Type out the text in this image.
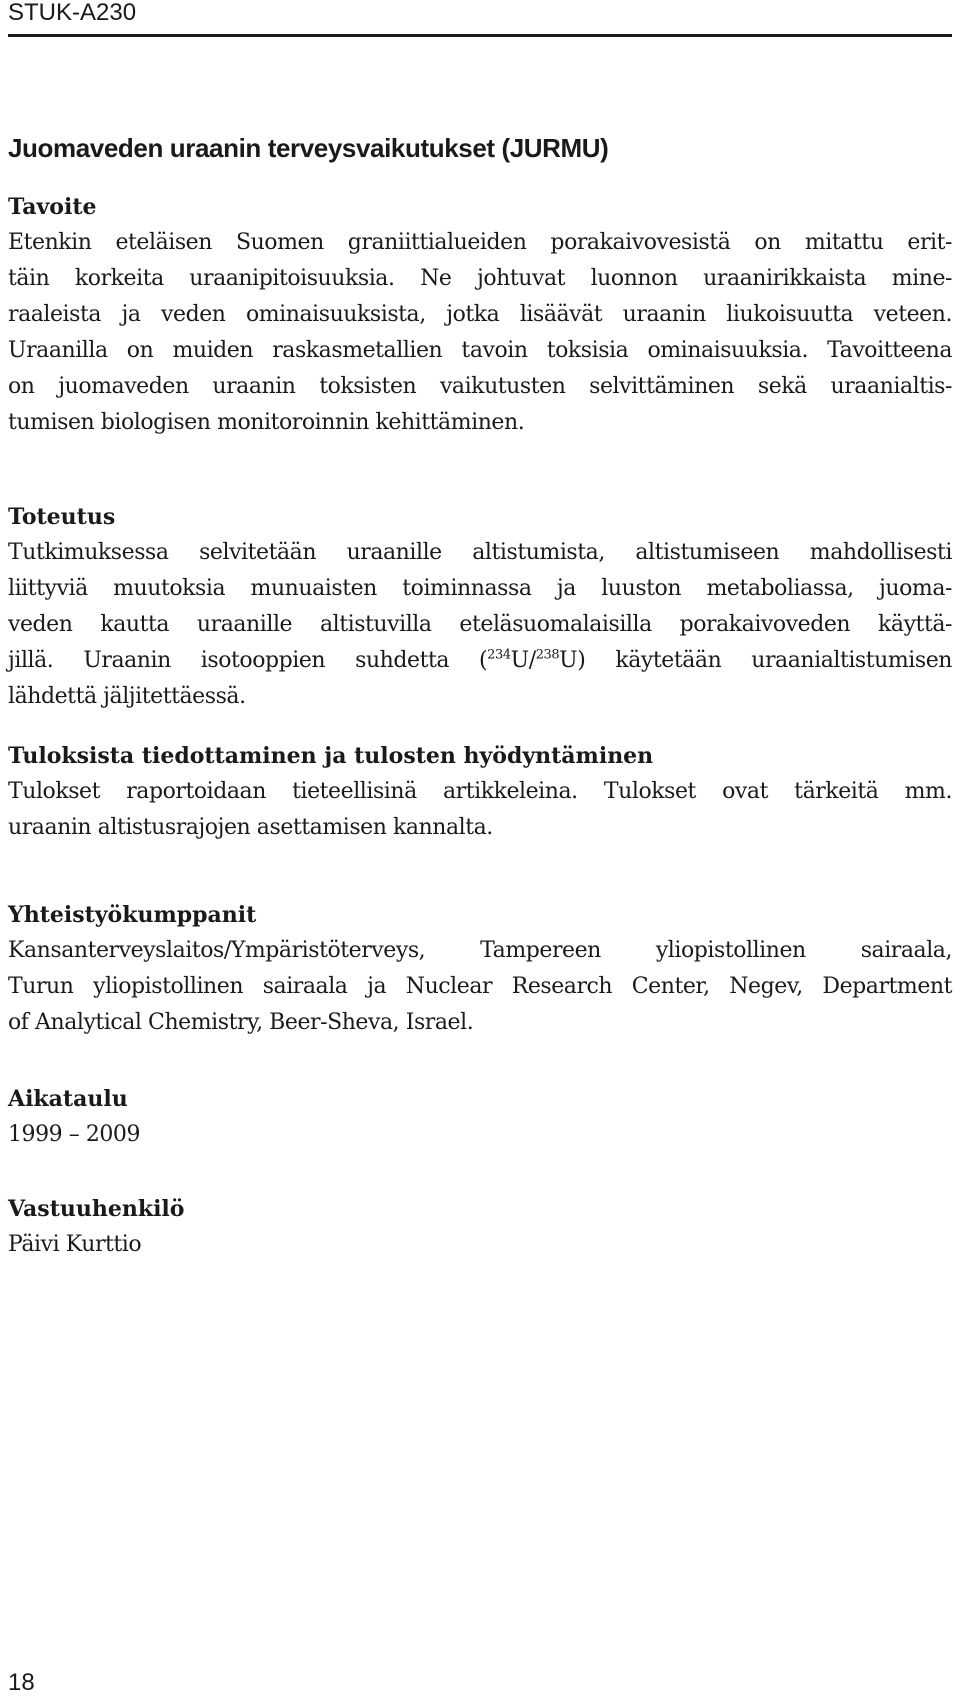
STUK-A230
Juomaveden uraanin terveysvaikutukset (JURMU)
Tavoite

Etenkin eteläisen Suomen graniittialueiden porakaivovesistä on mitattu erit-
täin korkeita uraanipitoisuuksia. Ne johtuvat luonnon uraanirikkaista mine-
raaleista ja veden ominaisuuksista, jotka lisäävät uraanin liukoisuutta veteen.
Uraanilla on muiden raskasmetallien tavoin toksisia ominaisuuksia. Tavoitteena
on juomaveden uraanin toksisten vaikutusten selvittäminen sekä uraanialtis-
tumisen biologisen monitoroinnin kehittäminen.

Toteutus

Tutkimuksessa selvitetään uraanille altistumista, altistumiseen mahdollisesti
liittyviä muutoksia munuaisten toiminnassa ja luuston metaboliassa, juoma-
veden kautta uraanille altistuvilla eteläsuomalaisilla porakaivoveden käyttä-
jillä. Uraanin isotooppien suhdetta ($^{234}$U/$^{238}$U) käytetään uraanialtistumisen
lähdettä jäljitettäessä.

Tuloksista tiedottaminen ja tulosten hyödyntäminen

Tulokset raportoidaan tieteellisinä artikkeleina. Tulokset ovat tärkeitä mm.
uraanin altistusrajojen asettamisen kannalta.

Yhteistyökumppanit

Kansanterveyslaitos/Ympäristöterveys, Tampereen yliopistollinen sairaala,
Turun yliopistollinen sairaala ja Nuclear Research Center, Negev, Department
of Analytical Chemistry, Beer-Sheva, Israel.

Aikataulu

1999 – 2009

Vastuuhenkilö

Päivi Kurttio

18
